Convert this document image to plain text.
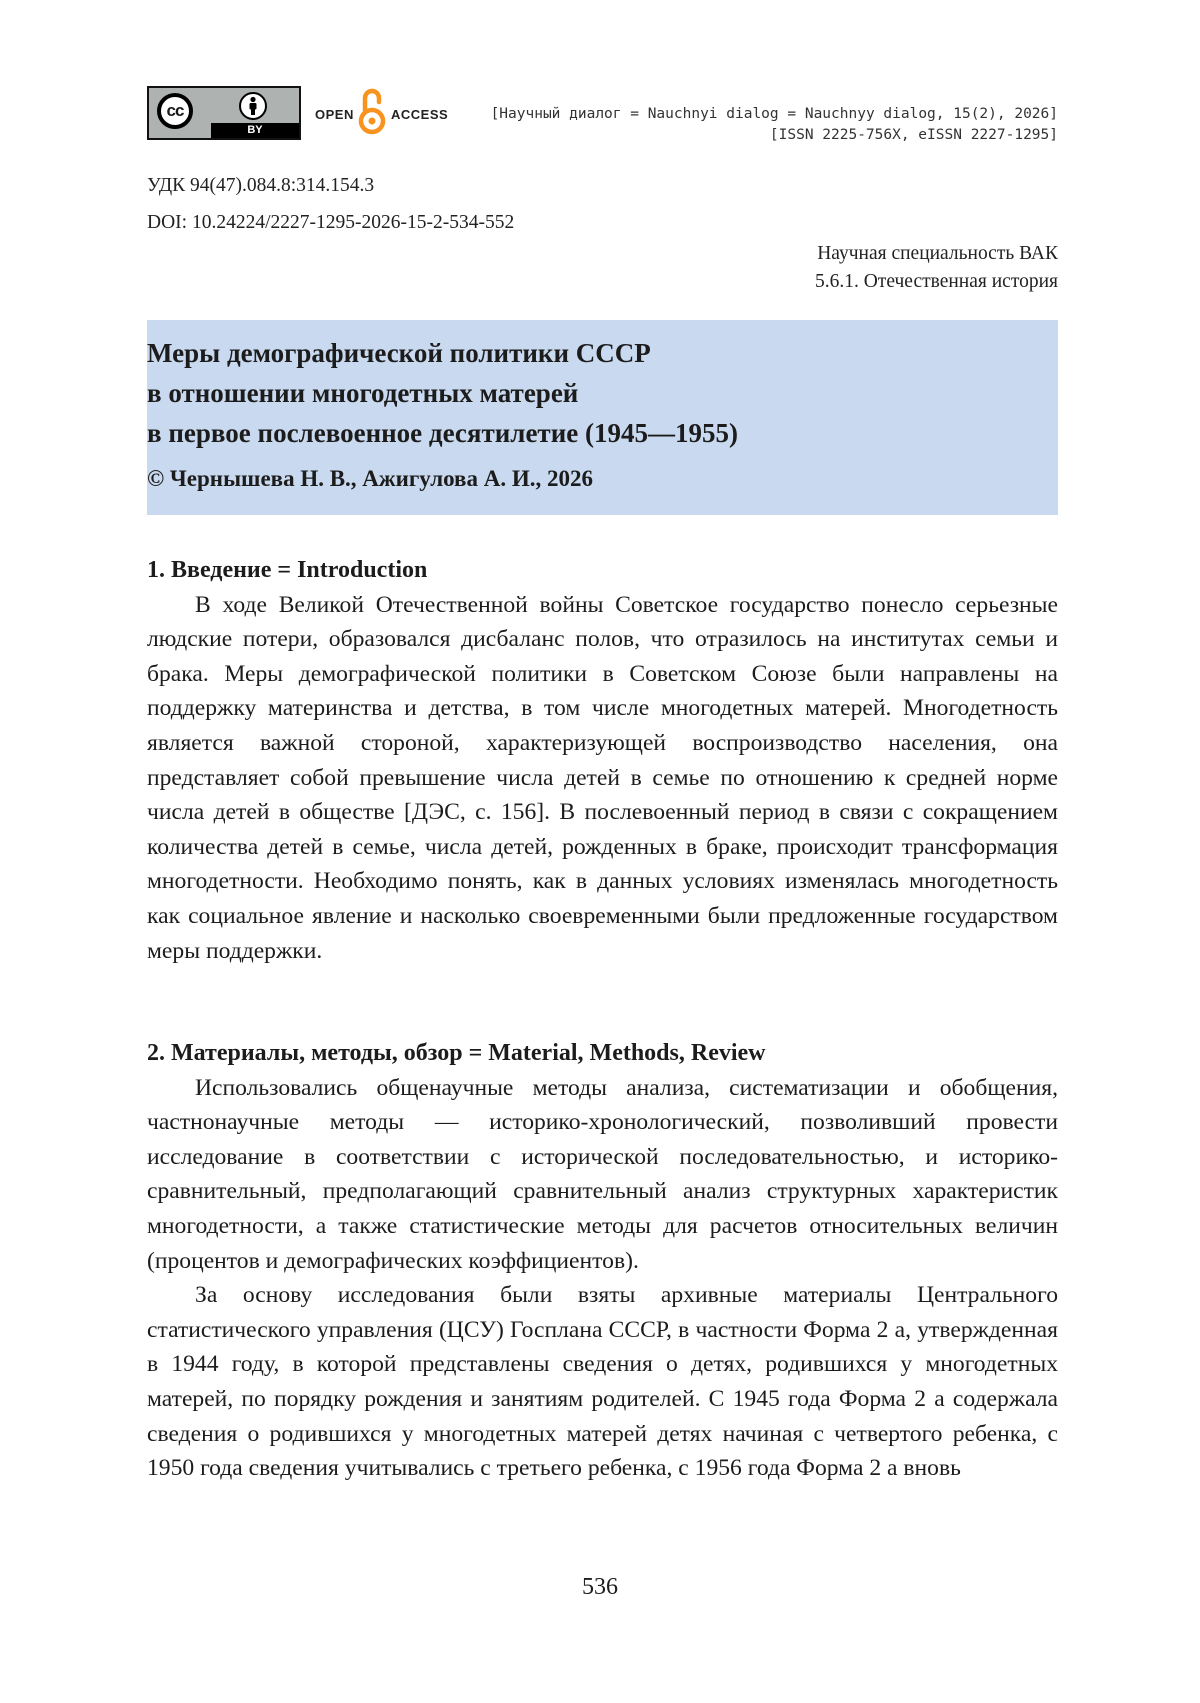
cc
BY
OPEN	ACCESS	[Научный диалог = Nauchnyi dialog = Nauchnyy dialog, 15(2), 2026]
[ISSN 2225-756X, eISSN 2227-1295]
УДК 94(47).084.8:314.154.3
DOI: 10.24224/2227-1295-2026-15-2-534-552
Научная специальность ВАК
5.6.1. Отечественная история
Меры демографической политики СССР
в отношении многодетных матерей
в первое послевоенное десятилетие (1945—1955)
© Чернышева Н. В., Ажигулова А. И., 2026
1. Введение = Introduction

В ходе Великой Отечественной войны Советское государство понесло серьезные людские потери, образовался дисбаланс полов, что отразилось на институтах семьи и брака. Меры демографической политики в Советском Союзе были направлены на поддержку материнства и детства, в том числе многодетных матерей. Многодетность является важной стороной, характеризующей воспроизводство населения, она представляет собой превышение числа детей в семье по отношению к средней норме числа детей в обществе [ДЭС, с. 156]. В послевоенный период в связи с сокращением количества детей в семье, числа детей, рожденных в браке, происходит трансформация многодетности. Необходимо понять, как в данных условиях изменялась многодетность как социальное явление и насколько своевременными были предложенные государством меры поддержки.

2. Материалы, методы, обзор = Material, Methods, Review

Использовались общенаучные методы анализа, систематизации и обобщения, частнонаучные методы — историко-хронологический, позволивший провести исследование в соответствии с исторической последовательностью, и историко-сравнительный, предполагающий сравнительный анализ структурных характеристик многодетности, а также статистические методы для расчетов относительных величин (процентов и демографических коэффициентов).

За основу исследования были взяты архивные материалы Центрального статистического управления (ЦСУ) Госплана СССР, в частности Форма 2 а, утвержденная в 1944 году, в которой представлены сведения о детях, родившихся у многодетных матерей, по порядку рождения и занятиям родителей. С 1945 года Форма 2 а содержала сведения о родившихся у многодетных матерей детях начиная с четвертого ребенка, с 1950 года сведения учитывались с третьего ребенка, с 1956 года Форма 2 а вновь

536
